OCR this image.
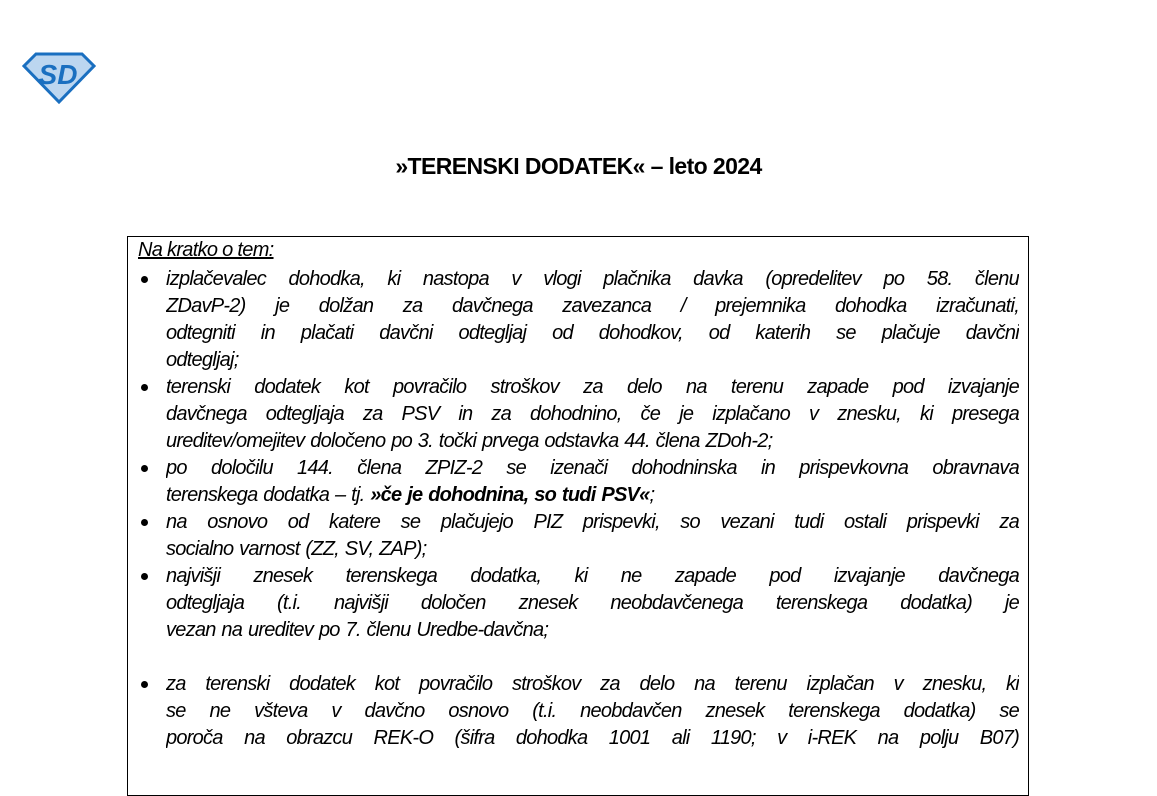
SD
»TERENSKI DODATEK« – leto 2024
Na kratko o tem:
izplačevalec dohodka, ki nastopa v vlogi plačnika davka (opredelitev po 58. členu
ZDavP-2) je dolžan za davčnega zavezanca / prejemnika dohodka izračunati,
odtegniti in plačati davčni odtegljaj od dohodkov, od katerih se plačuje davčni
odtegljaj;
terenski dodatek kot povračilo stroškov za delo na terenu zapade pod izvajanje
davčnega odtegljaja za PSV in za dohodnino, če je izplačano v znesku, ki presega
ureditev/omejitev določeno po 3. točki prvega odstavka 44. člena ZDoh-2;
po določilu 144. člena ZPIZ-2 se izenači dohodninska in prispevkovna obravnava
terenskega dodatka – tj. »če je dohodnina, so tudi PSV«;
na osnovo od katere se plačujejo PIZ prispevki, so vezani tudi ostali prispevki za
socialno varnost (ZZ, SV, ZAP);
najvišji znesek terenskega dodatka, ki ne zapade pod izvajanje davčnega
odtegljaja (t.i. najvišji določen znesek neobdavčenega terenskega dodatka) je
vezan na ureditev po 7. členu Uredbe-davčna;
za terenski dodatek kot povračilo stroškov za delo na terenu izplačan v znesku, ki
se ne všteva v davčno osnovo (t.i. neobdavčen znesek terenskega dodatka) se
poroča na obrazcu REK-O (šifra dohodka 1001 ali 1190; v i-REK na polju B07)
